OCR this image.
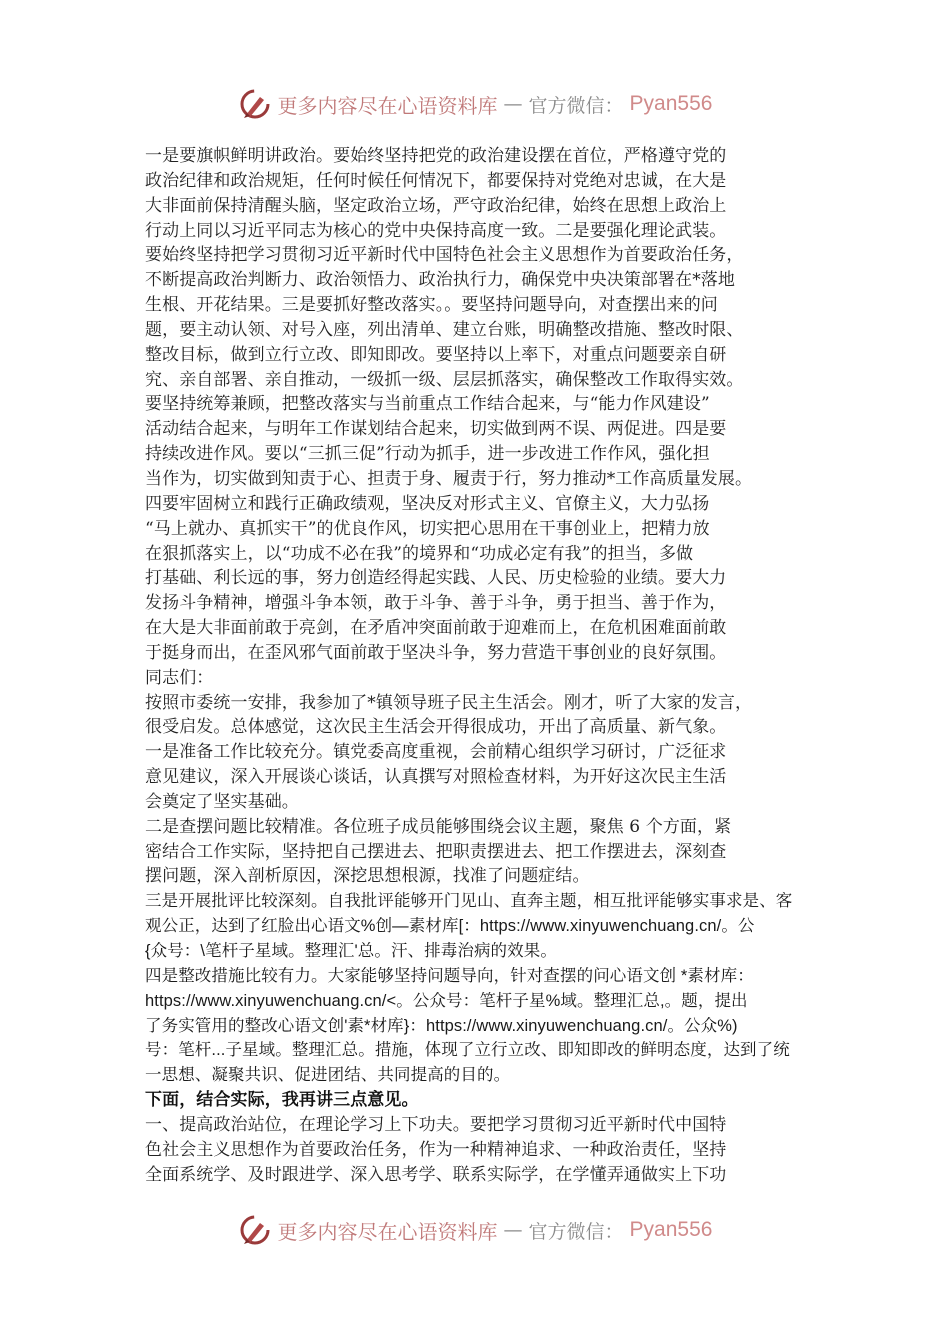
更多内容尽在心语资料库 — 官方微信： Pyan556
一是要旗帜鲜明讲政治。要始终坚持把党的政治建设摆在首位，严格遵守党的
政治纪律和政治规矩，任何时候任何情况下，都要保持对党绝对忠诚，在大是
大非面前保持清醒头脑，坚定政治立场，严守政治纪律，始终在思想上政治上
行动上同以习近平同志为核心的党中央保持高度一致。二是要强化理论武装。
要始终坚持把学习贯彻习近平新时代中国特色社会主义思想作为首要政治任务，
不断提高政治判断力、政治领悟力、政治执行力，确保党中央决策部署在*落地
生根、开花结果。三是要抓好整改落实。。要坚持问题导向，对查摆出来的问
题，要主动认领、对号入座，列出清单、建立台账，明确整改措施、整改时限、
整改目标，做到立行立改、即知即改。要坚持以上率下，对重点问题要亲自研
究、亲自部署、亲自推动，一级抓一级、层层抓落实，确保整改工作取得实效。
要坚持统筹兼顾，把整改落实与当前重点工作结合起来，与“能力作风建设”
活动结合起来，与明年工作谋划结合起来，切实做到两不误、两促进。四是要
持续改进作风。要以“三抓三促”行动为抓手，进一步改进工作作风，强化担
当作为，切实做到知责于心、担责于身、履责于行，努力推动*工作高质量发展。
四要牢固树立和践行正确政绩观，坚决反对形式主义、官僚主义，大力弘扬
“马上就办、真抓实干”的优良作风，切实把心思用在干事创业上，把精力放
在狠抓落实上，以“功成不必在我”的境界和“功成必定有我”的担当，多做
打基础、利长远的事，努力创造经得起实践、人民、历史检验的业绩。要大力
发扬斗争精神，增强斗争本领，敢于斗争、善于斗争，勇于担当、善于作为，
在大是大非面前敢于亮剑，在矛盾冲突面前敢于迎难而上，在危机困难面前敢
于挺身而出，在歪风邪气面前敢于坚决斗争，努力营造干事创业的良好氛围。
同志们：
按照市委统一安排，我参加了*镇领导班子民主生活会。刚才，听了大家的发言，
很受启发。总体感觉，这次民主生活会开得很成功，开出了高质量、新气象。
一是准备工作比较充分。镇党委高度重视，会前精心组织学习研讨，广泛征求
意见建议，深入开展谈心谈话，认真撰写对照检查材料，为开好这次民主生活
会奠定了坚实基础。
二是查摆问题比较精准。各位班子成员能够围绕会议主题，聚焦 6 个方面，紧
密结合工作实际，坚持把自己摆进去、把职责摆进去、把工作摆进去，深刻查
摆问题，深入剖析原因，深挖思想根源，找准了问题症结。
三是开展批评比较深刻。自我批评能够开门见山、直奔主题，相互批评能够实事求是、客
观公正，达到了红脸出心语文%创—素材库[：https://www.xinyuwenchuang.cn/。公
{众号：\笔杆子星域。整理汇'总。汗、排毒治病的效果。
四是整改措施比较有力。大家能够坚持问题导向，针对查摆的问心语文创 *素材库：
https://www.xinyuwenchuang.cn/<。公众号：笔杆子星%域。整理汇总,。题，提出
了务实管用的整改心语文创'素*材库}：https://www.xinyuwenchuang.cn/。公众%)
号：笔杆...子星域。整理汇总。措施，体现了立行立改、即知即改的鲜明态度，达到了统
一思想、凝聚共识、促进团结、共同提高的目的。
下面，结合实际，我再讲三点意见。
一、提高政治站位，在理论学习上下功夫。要把学习贯彻习近平新时代中国特
色社会主义思想作为首要政治任务，作为一种精神追求、一种政治责任，坚持
全面系统学、及时跟进学、深入思考学、联系实际学，在学懂弄通做实上下功
更多内容尽在心语资料库 — 官方微信： Pyan556
